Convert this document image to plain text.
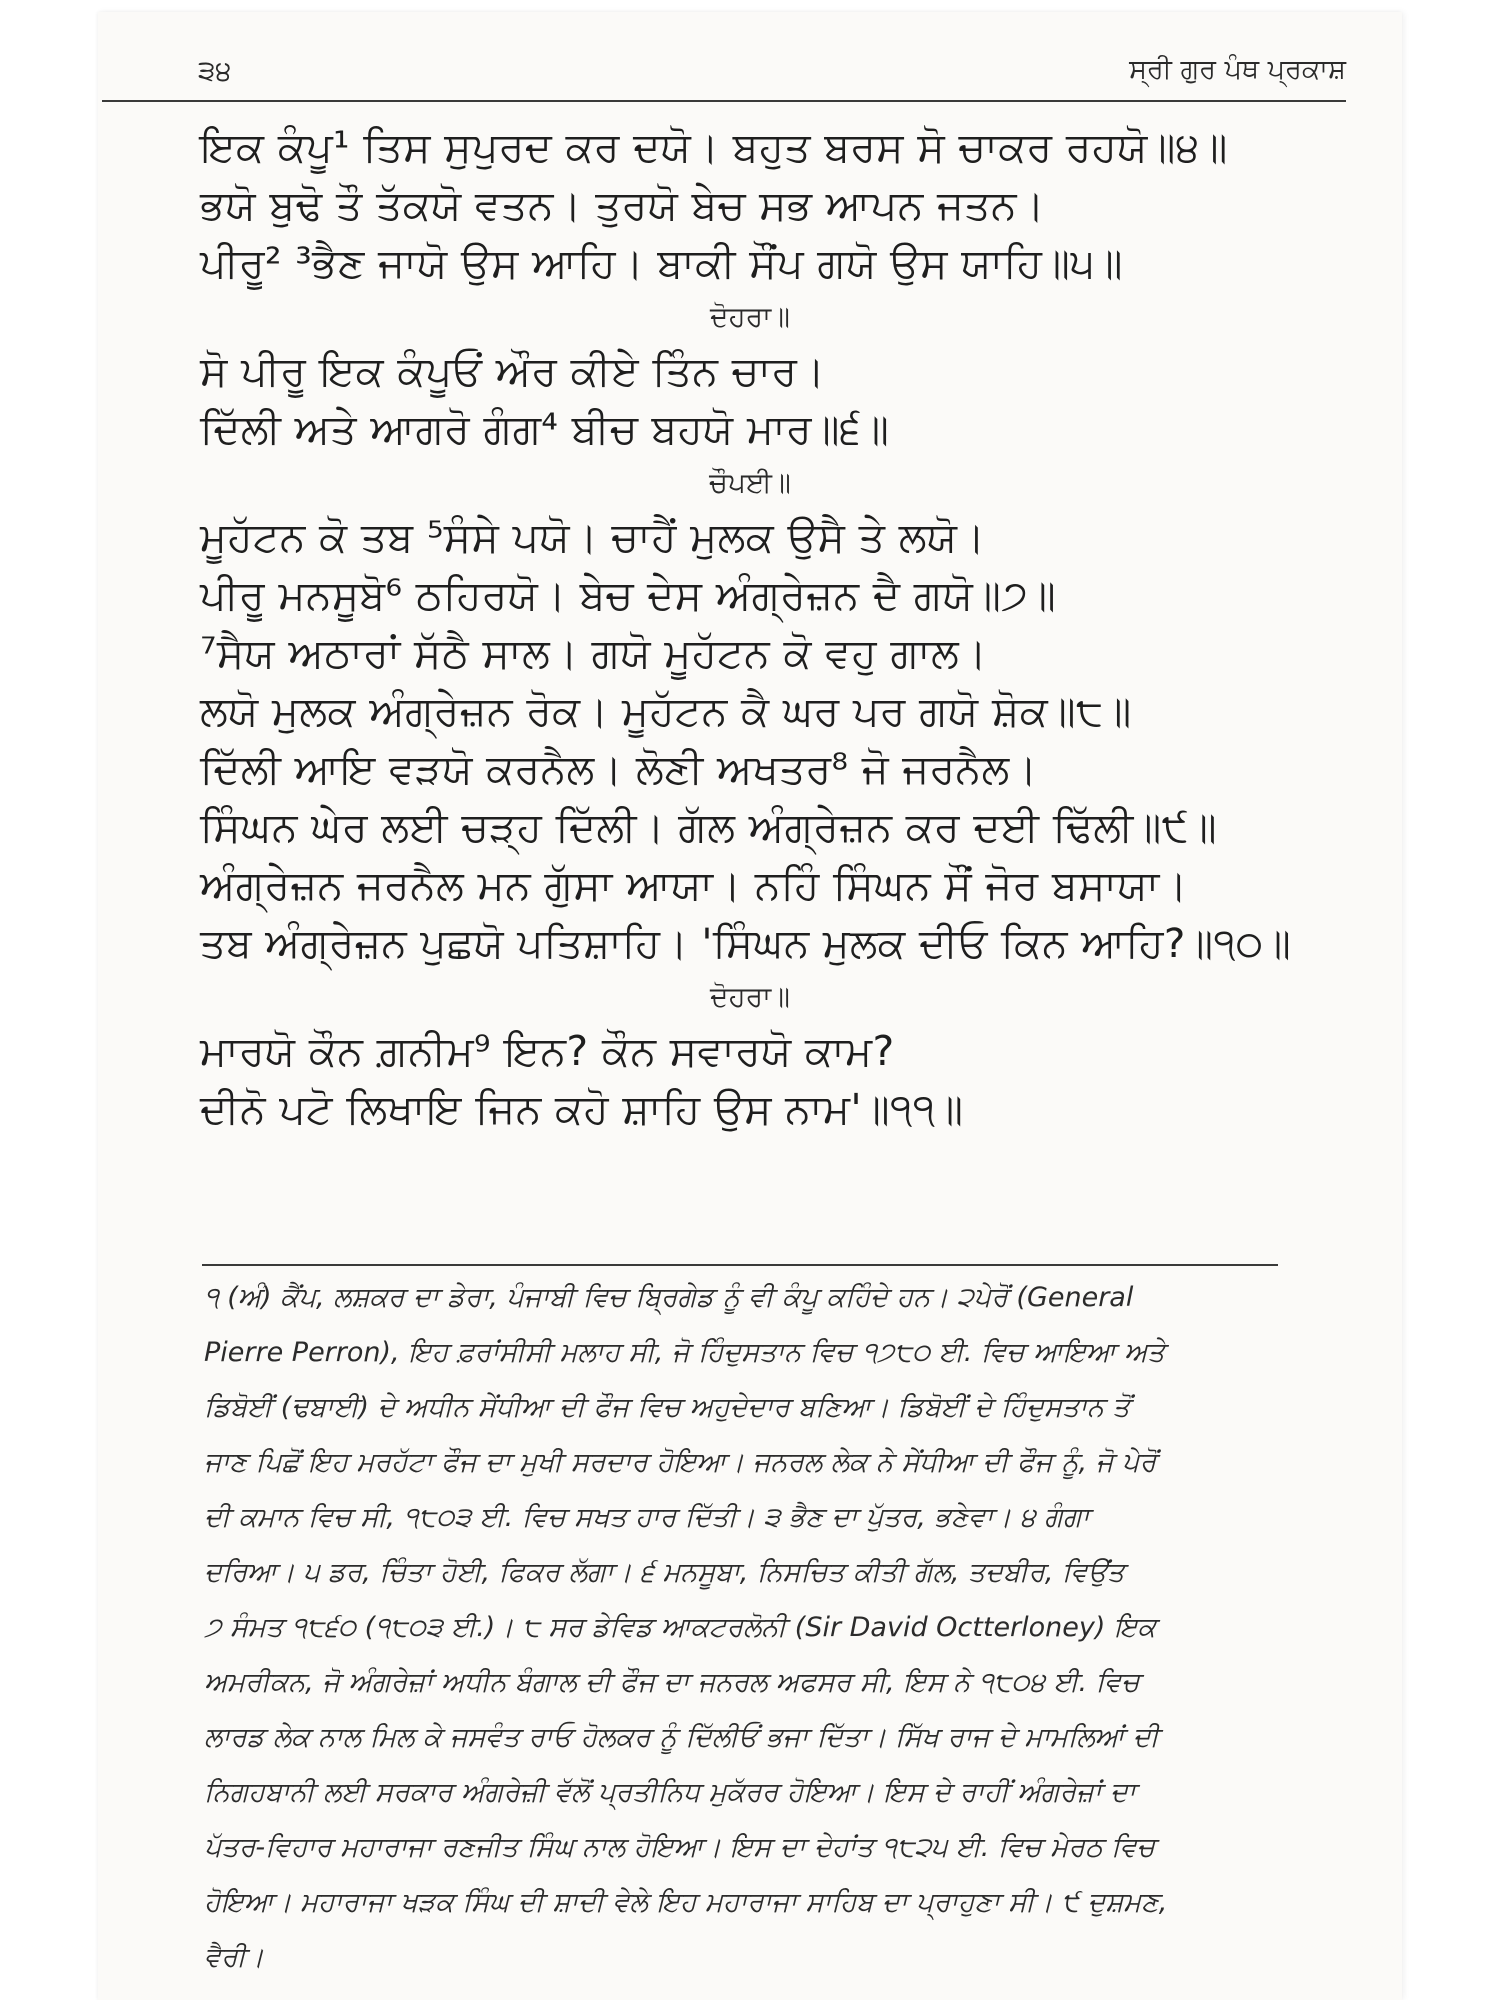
੩੪	ਸ੍ਰੀ ਗੁਰ ਪੰਥ ਪ੍ਰਕਾਸ਼
ਇਕ ਕੰਪੂ¹ ਤਿਸ ਸੁਪੁਰਦ ਕਰ ਦਯੋ। ਬਹੁਤ ਬਰਸ ਸੋ ਚਾਕਰ ਰਹਯੋ॥੪॥
ਭਯੋ ਬੁਢੋ ਤੌ ਤੱਕਯੋ ਵਤਨ। ਤੁਰਯੋ ਬੇਚ ਸਭ ਆਪਨ ਜਤਨ।
ਪੀਰੂ² ³ਭੈਣ ਜਾਯੋ ਉਸ ਆਹਿ। ਬਾਕੀ ਸੌਂਪ ਗਯੋ ਉਸ ਯਾਹਿ॥੫॥
ਦੋਹਰਾ॥
ਸੋ ਪੀਰੂ ਇਕ ਕੰਪੂਓਂ ਔਰ ਕੀਏ ਤਿੰਨ ਚਾਰ।
ਦਿੱਲੀ ਅਤੇ ਆਗਰੋ ਗੰਗ⁴ ਬੀਚ ਬਹਯੋ ਮਾਰ॥੬॥
ਚੌਪਈ॥
ਮੂਹੱਟਨ ਕੋ ਤਬ ⁵ਸੰਸੇ ਪਯੋ। ਚਾਹੈਂ ਮੁਲਕ ਉਸੈ ਤੇ ਲਯੋ।
ਪੀਰੂ ਮਨਸੂਬੋ⁶ ਠਹਿਰਯੋ। ਬੇਚ ਦੇਸ ਅੰਗ੍ਰੇਜ਼ਨ ਦੈ ਗਯੋ॥੭॥
⁷ਸੈਯ ਅਠਾਰਾਂ ਸੱਠੈ ਸਾਲ। ਗਯੋ ਮੂਹੱਟਨ ਕੋ ਵਹੁ ਗਾਲ।
ਲਯੋ ਮੁਲਕ ਅੰਗ੍ਰੇਜ਼ਨ ਰੋਕ। ਮੂਹੱਟਨ ਕੈ ਘਰ ਪਰ ਗਯੋ ਸ਼ੋਕ॥੮॥
ਦਿੱਲੀ ਆਇ ਵੜਯੋ ਕਰਨੈਲ। ਲੋਣੀ ਅਖਤਰ⁸ ਜੋ ਜਰਨੈਲ।
ਸਿੰਘਨ ਘੇਰ ਲਈ ਚੜ੍ਹ ਦਿੱਲੀ। ਗੱਲ ਅੰਗ੍ਰੇਜ਼ਨ ਕਰ ਦਈ ਢਿੱਲੀ॥੯॥
ਅੰਗ੍ਰੇਜ਼ਨ ਜਰਨੈਲ ਮਨ ਗੁੱਸਾ ਆਯਾ। ਨਹਿੰ ਸਿੰਘਨ ਸੌਂ ਜੋਰ ਬਸਾਯਾ।
ਤਬ ਅੰਗ੍ਰੇਜ਼ਨ ਪੁਛਯੋ ਪਤਿਸ਼ਾਹਿ। 'ਸਿੰਘਨ ਮੁਲਕ ਦੀਓ ਕਿਨ ਆਹਿ?॥੧੦॥
ਦੋਹਰਾ॥
ਮਾਰਯੋ ਕੌਨ ਗ਼ਨੀਮ⁹ ਇਨ? ਕੌਨ ਸਵਾਰਯੋ ਕਾਮ?
ਦੀਨੋ ਪਟੋ ਲਿਖਾਇ ਜਿਨ ਕਹੋ ਸ਼ਾਹਿ ਉਸ ਨਾਮ'॥੧੧॥
੧ (ਅੰ) ਕੈਂਪ, ਲਸ਼ਕਰ ਦਾ ਡੇਰਾ, ਪੰਜਾਬੀ ਵਿਚ ਬ੍ਰਿਗੇਡ ਨੂੰ ਵੀ ਕੰਪੂ ਕਹਿੰਦੇ ਹਨ। ੨ਪੇਰੋਂ (General
Pierre Perron), ਇਹ ਫ਼ਰਾਂਸੀਸੀ ਮਲਾਹ ਸੀ, ਜੋ ਹਿੰਦੁਸਤਾਨ ਵਿਚ ੧੭੮੦ ਈ. ਵਿਚ ਆਇਆ ਅਤੇ
ਡਿਬੋਈਂ (ਢਬਾਈ) ਦੇ ਅਧੀਨ ਸੇਂਧੀਆ ਦੀ ਫੌਜ ਵਿਚ ਅਹੁਦੇਦਾਰ ਬਣਿਆ। ਡਿਬੋਈਂ ਦੇ ਹਿੰਦੁਸਤਾਨ ਤੋਂ
ਜਾਣ ਪਿਛੋਂ ਇਹ ਮਰਹੱਟਾ ਫੌਜ ਦਾ ਮੁਖੀ ਸਰਦਾਰ ਹੋਇਆ। ਜਨਰਲ ਲੇਕ ਨੇ ਸੇਂਧੀਆ ਦੀ ਫੌਜ ਨੂੰ, ਜੋ ਪੇਰੋਂ
ਦੀ ਕਮਾਨ ਵਿਚ ਸੀ, ੧੮੦੩ ਈ. ਵਿਚ ਸਖਤ ਹਾਰ ਦਿੱਤੀ। ੩ ਭੈਣ ਦਾ ਪੁੱਤਰ, ਭਣੇਵਾ। ੪ ਗੰਗਾ
ਦਰਿਆ। ੫ ਡਰ, ਚਿੰਤਾ ਹੋਈ, ਫਿਕਰ ਲੱਗਾ। ੬ ਮਨਸੂਬਾ, ਨਿਸਚਿਤ ਕੀਤੀ ਗੱਲ, ਤਦਬੀਰ, ਵਿਉਂਤ
੭ ਸੰਮਤ ੧੮੬੦ (੧੮੦੩ ਈ.)। ੮ ਸਰ ਡੇਵਿਡ ਆਕਟਰਲੋਨੀ (Sir David Octterloney) ਇਕ
ਅਮਰੀਕਨ, ਜੋ ਅੰਗਰੇਜ਼ਾਂ ਅਧੀਨ ਬੰਗਾਲ ਦੀ ਫੌਜ ਦਾ ਜਨਰਲ ਅਫਸਰ ਸੀ, ਇਸ ਨੇ ੧੮੦੪ ਈ. ਵਿਚ
ਲਾਰਡ ਲੇਕ ਨਾਲ ਮਿਲ ਕੇ ਜਸਵੰਤ ਰਾਓ ਹੋਲਕਰ ਨੂੰ ਦਿੱਲੀਓਂ ਭਜਾ ਦਿੱਤਾ। ਸਿੱਖ ਰਾਜ ਦੇ ਮਾਮਲਿਆਂ ਦੀ
ਨਿਗਹਬਾਨੀ ਲਈ ਸਰਕਾਰ ਅੰਗਰੇਜ਼ੀ ਵੱਲੋਂ ਪ੍ਰਤੀਨਿਧ ਮੁਕੱਰਰ ਹੋਇਆ। ਇਸ ਦੇ ਰਾਹੀਂ ਅੰਗਰੇਜ਼ਾਂ ਦਾ
ਪੱਤਰ-ਵਿਹਾਰ ਮਹਾਰਾਜਾ ਰਣਜੀਤ ਸਿੰਘ ਨਾਲ ਹੋਇਆ। ਇਸ ਦਾ ਦੇਹਾਂਤ ੧੮੨੫ ਈ. ਵਿਚ ਮੇਰਠ ਵਿਚ
ਹੋਇਆ। ਮਹਾਰਾਜਾ ਖੜਕ ਸਿੰਘ ਦੀ ਸ਼ਾਦੀ ਵੇਲੇ ਇਹ ਮਹਾਰਾਜਾ ਸਾਹਿਬ ਦਾ ਪ੍ਰਾਹੁਣਾ ਸੀ। ੯ ਦੁਸ਼ਮਣ,
ਵੈਰੀ।
